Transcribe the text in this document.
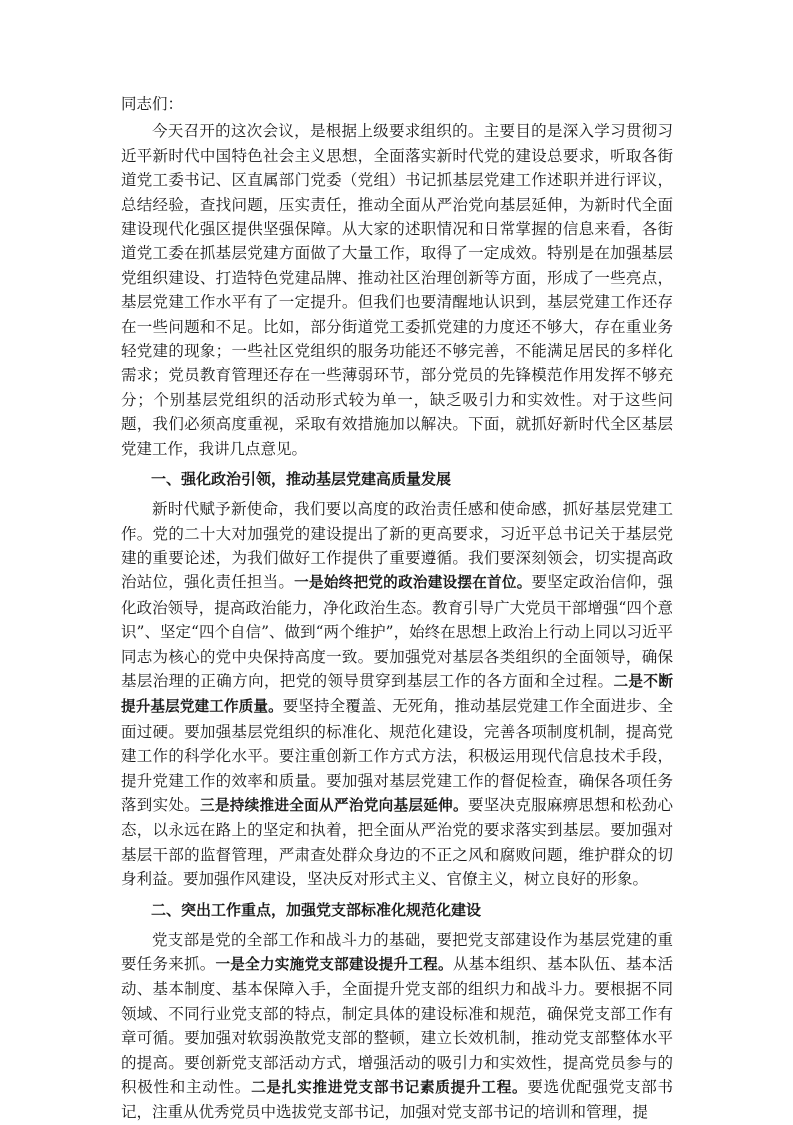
同志们：

今天召开的这次会议，是根据上级要求组织的。主要目的是深入学习贯彻习近平新时代中国特色社会主义思想，全面落实新时代党的建设总要求，听取各街道党工委书记、区直属部门党委（党组）书记抓基层党建工作述职并进行评议，总结经验，查找问题，压实责任，推动全面从严治党向基层延伸，为新时代全面建设现代化强区提供坚强保障。从大家的述职情况和日常掌握的信息来看，各街道党工委在抓基层党建方面做了大量工作，取得了一定成效。特别是在加强基层党组织建设、打造特色党建品牌、推动社区治理创新等方面，形成了一些亮点，基层党建工作水平有了一定提升。但我们也要清醒地认识到，基层党建工作还存在一些问题和不足。比如，部分街道党工委抓党建的力度还不够大，存在重业务轻党建的现象；一些社区党组织的服务功能还不够完善，不能满足居民的多样化需求；党员教育管理还存在一些薄弱环节，部分党员的先锋模范作用发挥不够充分；个别基层党组织的活动形式较为单一，缺乏吸引力和实效性。对于这些问题，我们必须高度重视，采取有效措施加以解决。下面，就抓好新时代全区基层党建工作，我讲几点意见。

一、强化政治引领，推动基层党建高质量发展

新时代赋予新使命，我们要以高度的政治责任感和使命感，抓好基层党建工作。党的二十大对加强党的建设提出了新的更高要求，习近平总书记关于基层党建的重要论述，为我们做好工作提供了重要遵循。我们要深刻领会，切实提高政治站位，强化责任担当。一是始终把党的政治建设摆在首位。要坚定政治信仰，强化政治领导，提高政治能力，净化政治生态。教育引导广大党员干部增强“四个意识”、坚定“四个自信”、做到“两个维护”，始终在思想上政治上行动上同以习近平同志为核心的党中央保持高度一致。要加强党对基层各类组织的全面领导，确保基层治理的正确方向，把党的领导贯穿到基层工作的各方面和全过程。二是不断提升基层党建工作质量。要坚持全覆盖、无死角，推动基层党建工作全面进步、全面过硬。要加强基层党组织的标准化、规范化建设，完善各项制度机制，提高党建工作的科学化水平。要注重创新工作方式方法，积极运用现代信息技术手段，提升党建工作的效率和质量。要加强对基层党建工作的督促检查，确保各项任务落到实处。三是持续推进全面从严治党向基层延伸。要坚决克服麻痹思想和松劲心态，以永远在路上的坚定和执着，把全面从严治党的要求落实到基层。要加强对基层干部的监督管理，严肃查处群众身边的不正之风和腐败问题，维护群众的切身利益。要加强作风建设，坚决反对形式主义、官僚主义，树立良好的形象。

二、突出工作重点，加强党支部标准化规范化建设

党支部是党的全部工作和战斗力的基础，要把党支部建设作为基层党建的重要任务来抓。一是全力实施党支部建设提升工程。从基本组织、基本队伍、基本活动、基本制度、基本保障入手，全面提升党支部的组织力和战斗力。要根据不同领域、不同行业党支部的特点，制定具体的建设标准和规范，确保党支部工作有章可循。要加强对软弱涣散党支部的整顿，建立长效机制，推动党支部整体水平的提高。要创新党支部活动方式，增强活动的吸引力和实效性，提高党员参与的积极性和主动性。二是扎实推进党支部书记素质提升工程。要选优配强党支部书记，注重从优秀党员中选拔党支部书记，加强对党支部书记的培训和管理，提
